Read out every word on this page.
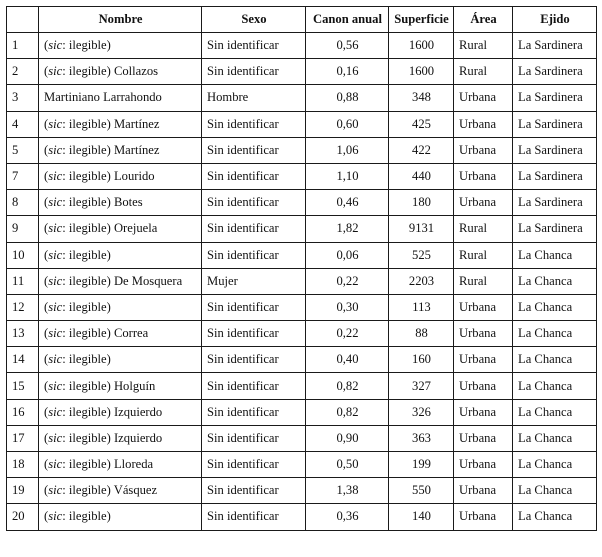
	Nombre	Sexo	Canon anual	Superficie	Área	Ejido
1	(sic: ilegible)	Sin identificar	0,56	1600	Rural	La Sardinera
2	(sic: ilegible) Collazos	Sin identificar	0,16	1600	Rural	La Sardinera
3	Martiniano Larrahondo	Hombre	0,88	348	Urbana	La Sardinera
4	(sic: ilegible) Martínez	Sin identificar	0,60	425	Urbana	La Sardinera
5	(sic: ilegible) Martínez	Sin identificar	1,06	422	Urbana	La Sardinera
7	(sic: ilegible) Lourido	Sin identificar	1,10	440	Urbana	La Sardinera
8	(sic: ilegible) Botes	Sin identificar	0,46	180	Urbana	La Sardinera
9	(sic: ilegible) Orejuela	Sin identificar	1,82	9131	Rural	La Sardinera
10	(sic: ilegible)	Sin identificar	0,06	525	Rural	La Chanca
11	(sic: ilegible) De Mosquera	Mujer	0,22	2203	Rural	La Chanca
12	(sic: ilegible)	Sin identificar	0,30	113	Urbana	La Chanca
13	(sic: ilegible) Correa	Sin identificar	0,22	88	Urbana	La Chanca
14	(sic: ilegible)	Sin identificar	0,40	160	Urbana	La Chanca
15	(sic: ilegible) Holguín	Sin identificar	0,82	327	Urbana	La Chanca
16	(sic: ilegible) Izquierdo	Sin identificar	0,82	326	Urbana	La Chanca
17	(sic: ilegible) Izquierdo	Sin identificar	0,90	363	Urbana	La Chanca
18	(sic: ilegible) Lloreda	Sin identificar	0,50	199	Urbana	La Chanca
19	(sic: ilegible) Vásquez	Sin identificar	1,38	550	Urbana	La Chanca
20	(sic: ilegible)	Sin identificar	0,36	140	Urbana	La Chanca
